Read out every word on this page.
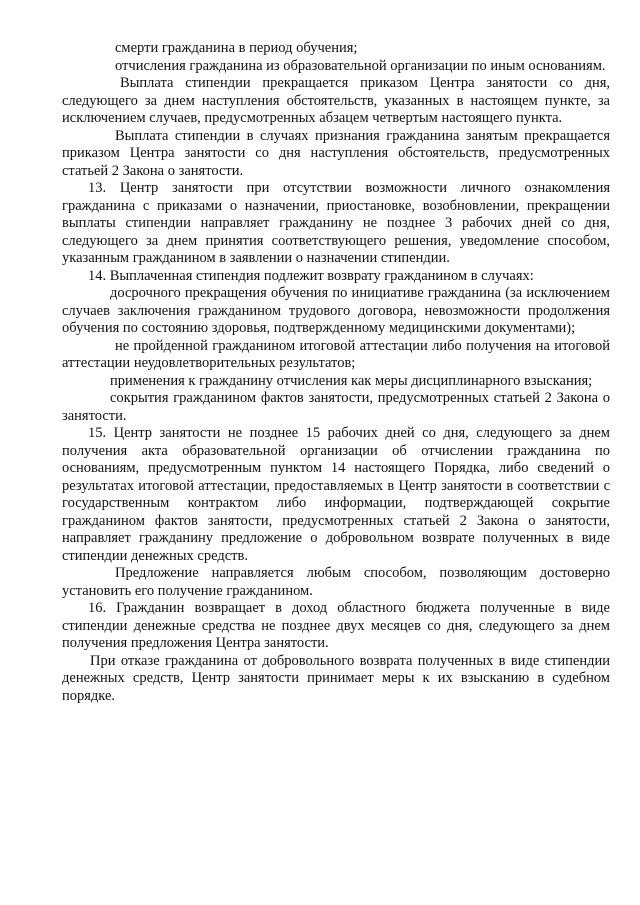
смерти гражданина в период обучения;

отчисления гражданина из образовательной организации по иным основаниям.

Выплата стипендии прекращается приказом Центра занятости со дня, следующего за днем наступления обстоятельств, указанных в настоящем пункте, за исключением случаев, предусмотренных абзацем четвертым настоящего пункта.

Выплата стипендии в случаях признания гражданина занятым прекращается приказом Центра занятости со дня наступления обстоятельств, предусмотренных статьей 2 Закона о занятости.

13. Центр занятости при отсутствии возможности личного ознакомления гражданина с приказами о назначении, приостановке, возобновлении, прекращении выплаты стипендии направляет гражданину не позднее 3 рабочих дней со дня, следующего за днем принятия соответствующего решения, уведомление способом, указанным гражданином в заявлении о назначении стипендии.

14. Выплаченная стипендия подлежит возврату гражданином в случаях:

досрочного прекращения обучения по инициативе гражданина (за исключением случаев заключения гражданином трудового договора, невозможности продолжения обучения по состоянию здоровья, подтвержденному медицинскими документами);

не пройденной гражданином итоговой аттестации либо получения на итоговой аттестации неудовлетворительных результатов;

применения к гражданину отчисления как меры дисциплинарного взыскания;

сокрытия гражданином фактов занятости, предусмотренных статьей 2 Закона о занятости.

15. Центр занятости не позднее 15 рабочих дней со дня, следующего за днем получения акта образовательной организации об отчислении гражданина по основаниям, предусмотренным пунктом 14 настоящего Порядка, либо сведений о результатах итоговой аттестации, предоставляемых в Центр занятости в соответствии с государственным контрактом либо информации, подтверждающей сокрытие гражданином фактов занятости, предусмотренных статьей 2 Закона о занятости, направляет гражданину предложение о добровольном возврате полученных в виде стипендии денежных средств.

Предложение направляется любым способом, позволяющим достоверно установить его получение гражданином.

16. Гражданин возвращает в доход областного бюджета полученные в виде стипендии денежные средства не позднее двух месяцев со дня, следующего за днем получения предложения Центра занятости.

При отказе гражданина от добровольного возврата полученных в виде стипендии денежных средств, Центр занятости принимает меры к их взысканию в судебном порядке.
